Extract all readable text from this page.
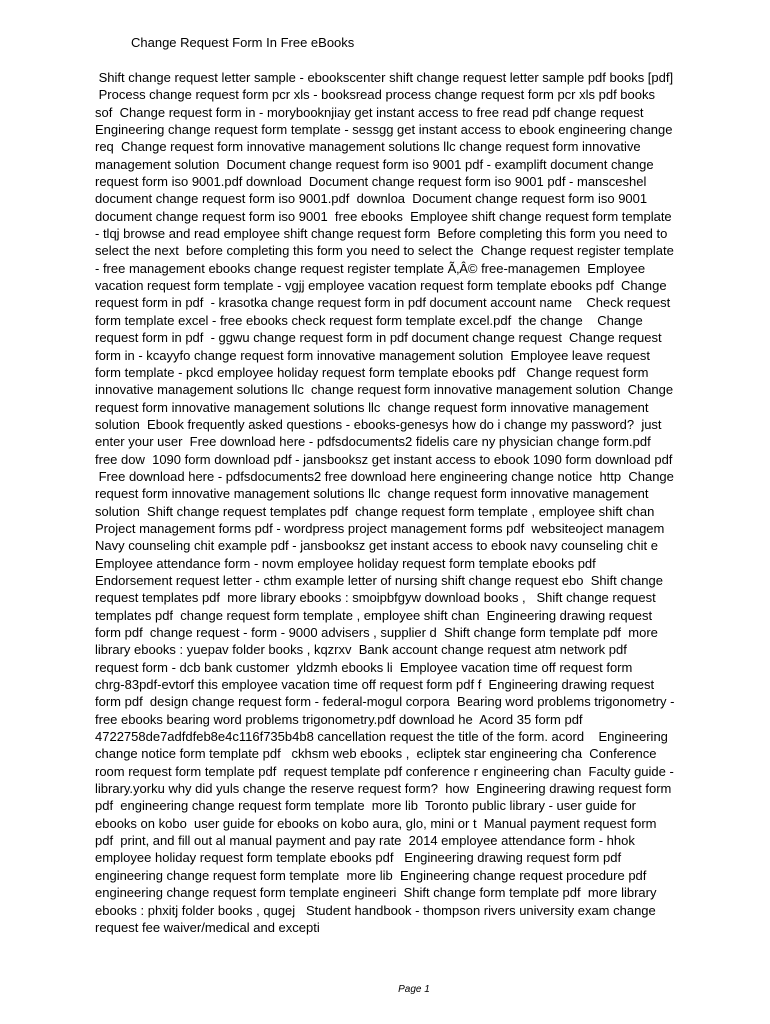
Change Request Form In Free eBooks
Shift change request letter sample - ebookscenter shift change request letter sample pdf books [pdf]
Process change request form pcr xls - booksread process change request form pcr xls pdf books
sof  Change request form in - morybooknjiay get instant access to free read pdf change request
Engineering change request form template - sessgg get instant access to ebook engineering change
req  Change request form innovative management solutions llc change request form innovative
management solution  Document change request form iso 9001 pdf - examplift document change
request form iso 9001.pdf download  Document change request form iso 9001 pdf - mansceshel
document change request form iso 9001.pdf  downloa  Document change request form iso 9001
document change request form iso 9001  free ebooks  Employee shift change request form template
- tlqj browse and read employee shift change request form  Before completing this form you need to
select the next  before completing this form you need to select the  Change request register template
- free management ebooks change request register template Ã‚Â© free-managemen  Employee
vacation request form template - vgjj employee vacation request form template ebooks pdf  Change
request form in pdf  - krasotka change request form in pdf document account name    Check request
form template excel - free ebooks check request form template excel.pdf  the change    Change
request form in pdf  - ggwu change request form in pdf document change request  Change request
form in - kcayyfo change request form innovative management solution  Employee leave request
form template - pkcd employee holiday request form template ebooks pdf   Change request form
innovative management solutions llc  change request form innovative management solution  Change
request form innovative management solutions llc  change request form innovative management
solution  Ebook frequently asked questions - ebooks-genesys how do i change my password?  just
enter your user  Free download here - pdfsdocuments2 fidelis care ny physician change form.pdf
free dow  1090 form download pdf - jansbooksz get instant access to ebook 1090 form download pdf
Free download here - pdfsdocuments2 free download here engineering change notice  http  Change
request form innovative management solutions llc  change request form innovative management
solution  Shift change request templates pdf  change request form template , employee shift chan
Project management forms pdf - wordpress project management forms pdf  websiteoject managem
Navy counseling chit example pdf - jansbooksz get instant access to ebook navy counseling chit e
Employee attendance form - novm employee holiday request form template ebooks pdf
Endorsement request letter - cthm example letter of nursing shift change request ebo  Shift change
request templates pdf  more library ebooks : smoipbfgyw download books ,   Shift change request
templates pdf  change request form template , employee shift chan  Engineering drawing request
form pdf  change request - form - 9000 advisers , supplier d  Shift change form template pdf  more
library ebooks : yuepav folder books , kqzrxv  Bank account change request atm network pdf
request form - dcb bank customer  yldzmh ebooks li  Employee vacation time off request form
chrg-83pdf-evtorf this employee vacation time off request form pdf f  Engineering drawing request
form pdf  design change request form - federal-mogul corpora  Bearing word problems trigonometry -
free ebooks bearing word problems trigonometry.pdf download he  Acord 35 form pdf
4722758de7adfdfeb8e4c116f735b4b8 cancellation request the title of the form. acord    Engineering
change notice form template pdf   ckhsm web ebooks ,  ecliptek star engineering cha  Conference
room request form template pdf  request template pdf conference r engineering chan  Faculty guide -
library.yorku why did yuls change the reserve request form?  how  Engineering drawing request form
pdf  engineering change request form template  more lib  Toronto public library - user guide for
ebooks on kobo  user guide for ebooks on kobo aura, glo, mini or t  Manual payment request form
pdf  print, and fill out al manual payment and pay rate  2014 employee attendance form - hhok
employee holiday request form template ebooks pdf   Engineering drawing request form pdf
engineering change request form template  more lib  Engineering change request procedure pdf
engineering change request form template engineeri  Shift change form template pdf  more library
ebooks : phxitj folder books , qugej   Student handbook - thompson rivers university exam change
request fee waiver/medical and excepti
Page 1
